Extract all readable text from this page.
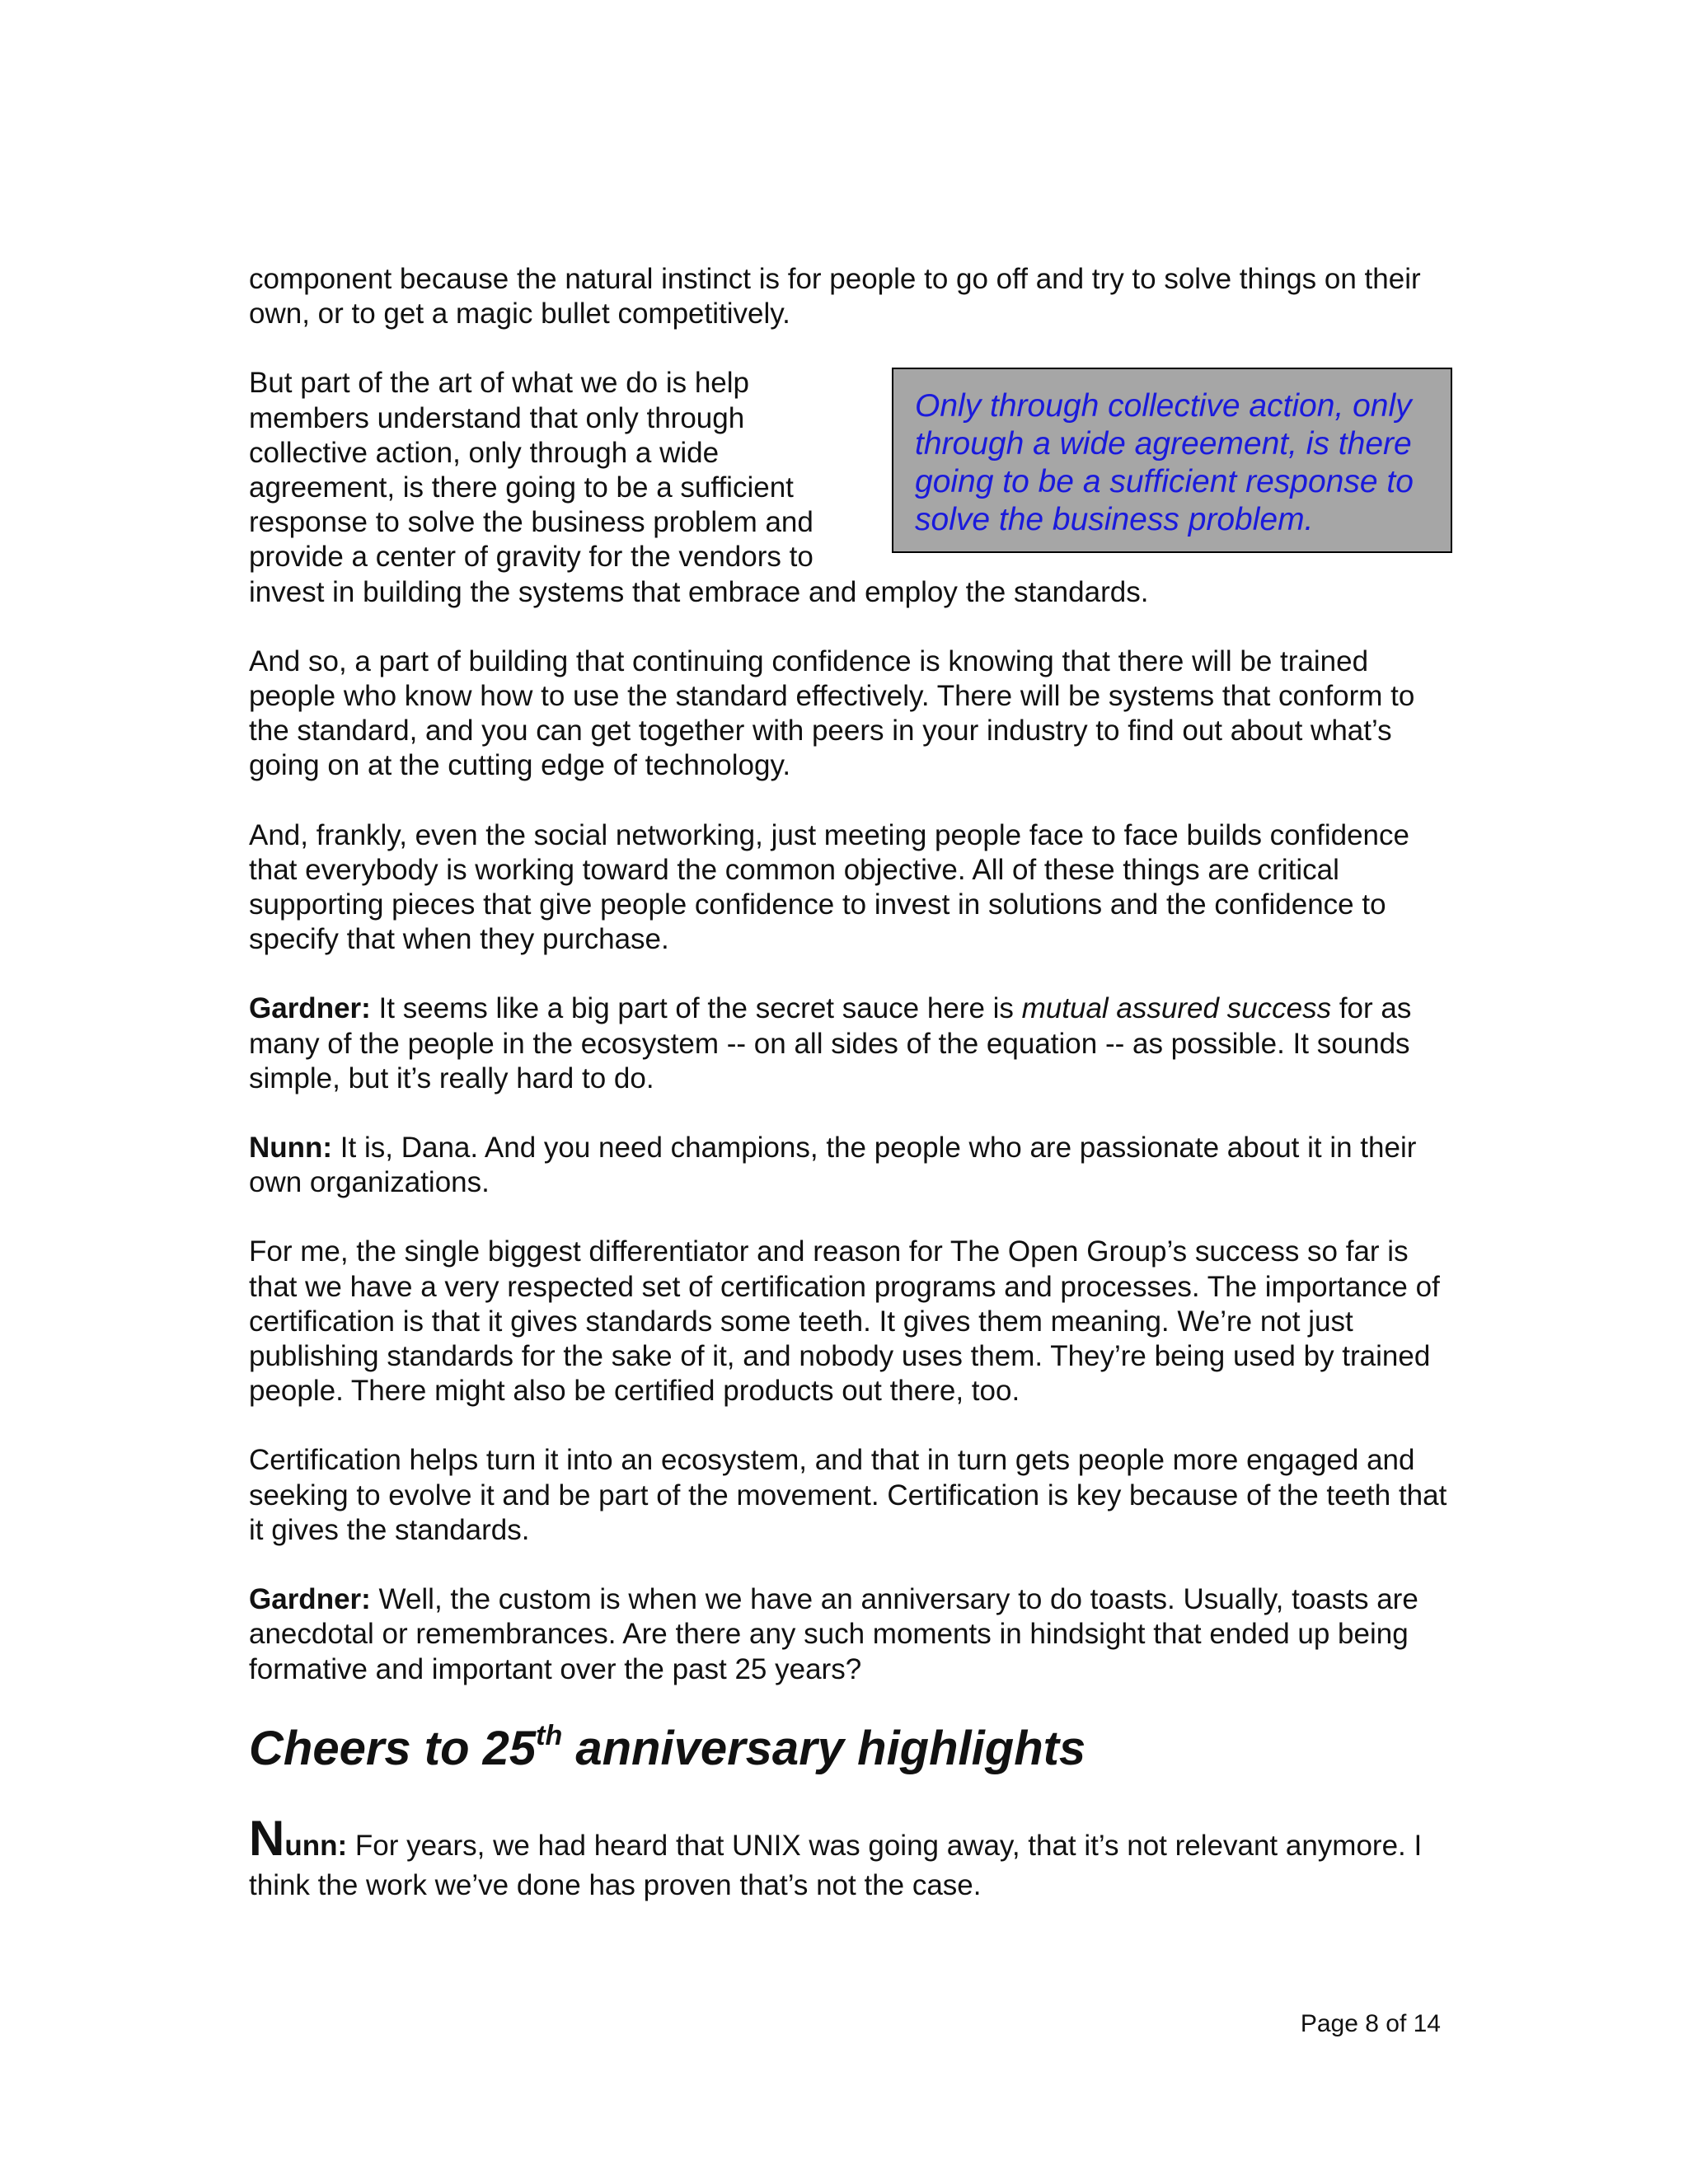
component because the natural instinct is for people to go off and try to solve things on their own, or to get a magic bullet competitively.

Only through collective action, only through a wide agreement, is there going to be a sufficient response to solve the business problem.

But part of the art of what we do is help members understand that only through collective action, only through a wide agreement, is there going to be a sufficient response to solve the business problem and provide a center of gravity for the vendors to invest in building the systems that embrace and employ the standards.

And so, a part of building that continuing confidence is knowing that there will be trained people who know how to use the standard effectively. There will be systems that conform to the standard, and you can get together with peers in your industry to find out about what’s going on at the cutting edge of technology.

And, frankly, even the social networking, just meeting people face to face builds confidence that everybody is working toward the common objective. All of these things are critical supporting pieces that give people confidence to invest in solutions and the confidence to specify that when they purchase.

Gardner: It seems like a big part of the secret sauce here is mutual assured success for as many of the people in the ecosystem -- on all sides of the equation -- as possible. It sounds simple, but it’s really hard to do.

Nunn: It is, Dana. And you need champions, the people who are passionate about it in their own organizations.

For me, the single biggest differentiator and reason for The Open Group’s success so far is that we have a very respected set of certification programs and processes. The importance of certification is that it gives standards some teeth. It gives them meaning. We’re not just publishing standards for the sake of it, and nobody uses them. They’re being used by trained people. There might also be certified products out there, too.

Certification helps turn it into an ecosystem, and that in turn gets people more engaged and seeking to evolve it and be part of the movement. Certification is key because of the teeth that it gives the standards.

Gardner: Well, the custom is when we have an anniversary to do toasts. Usually, toasts are anecdotal or remembrances. Are there any such moments in hindsight that ended up being formative and important over the past 25 years?

Cheers to 25th anniversary highlights

Nunn: For years, we had heard that UNIX was going away, that it’s not relevant anymore. I think the work we’ve done has proven that’s not the case.

Page 8 of 14
